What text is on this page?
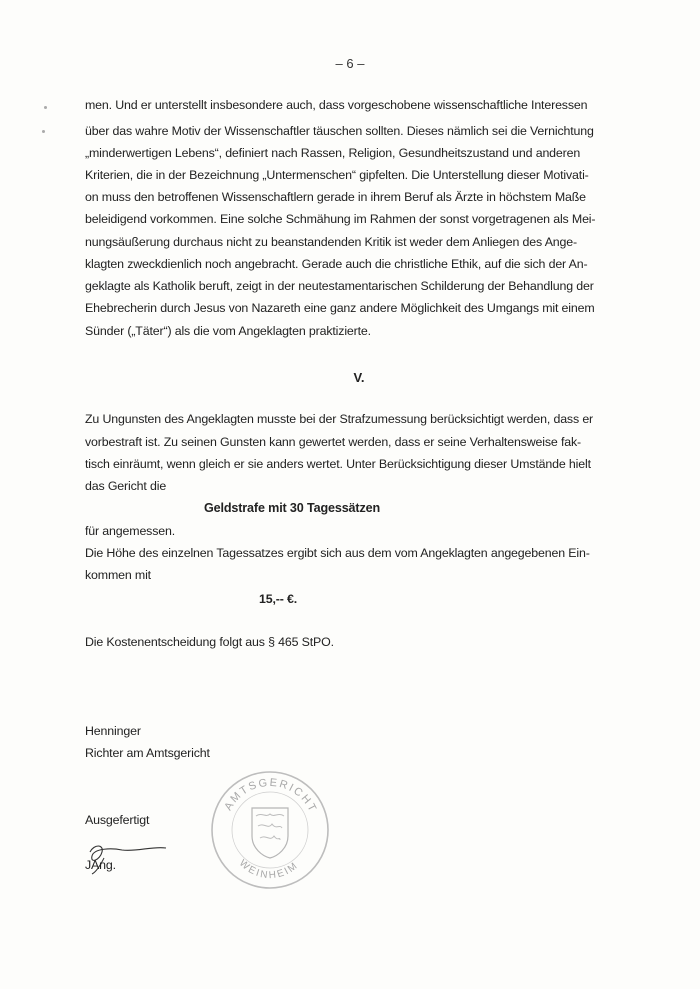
– 6 –
men. Und er unterstellt insbesondere auch, dass vorgeschobene wissenschaftliche Interessen
über das wahre Motiv der Wissenschaftler täuschen sollten. Dieses nämlich sei die Vernichtung
„minderwertigen Lebens“, definiert nach Rassen, Religion, Gesundheitszustand und anderen
Kriterien, die in der Bezeichnung „Untermenschen“ gipfelten. Die Unterstellung dieser Motivati-
on muss den betroffenen Wissenschaftlern gerade in ihrem Beruf als Ärzte in höchstem Maße
beleidigend vorkommen. Eine solche Schmähung im Rahmen der sonst vorgetragenen als Mei-
nungsäußerung durchaus nicht zu beanstandenden Kritik ist weder dem Anliegen des Ange-
klagten zweckdienlich noch angebracht. Gerade auch die christliche Ethik, auf die sich der An-
geklagte als Katholik beruft, zeigt in der neutestamentarischen Schilderung der Behandlung der
Ehebrecherin durch Jesus von Nazareth eine ganz andere Möglichkeit des Umgangs mit einem
Sünder („Täter“) als die vom Angeklagten praktizierte.
V.
Zu Ungunsten des Angeklagten musste bei der Strafzumessung berücksichtigt werden, dass er
vorbestraft ist. Zu seinen Gunsten kann gewertet werden, dass er seine Verhaltensweise fak-
tisch einräumt, wenn gleich er sie anders wertet. Unter Berücksichtigung dieser Umstände hielt
das Gericht die
Geldstrafe mit 30 Tagessätzen
für angemessen.
Die Höhe des einzelnen Tagessatzes ergibt sich aus dem vom Angeklagten angegebenen Ein-
kommen mit
15,-- €.
Die Kostenentscheidung folgt aus § 465 StPO.
Henninger
Richter am Amtsgericht
Ausgefertigt
JAng.
AMTSGERICHT
WEINHEIM
